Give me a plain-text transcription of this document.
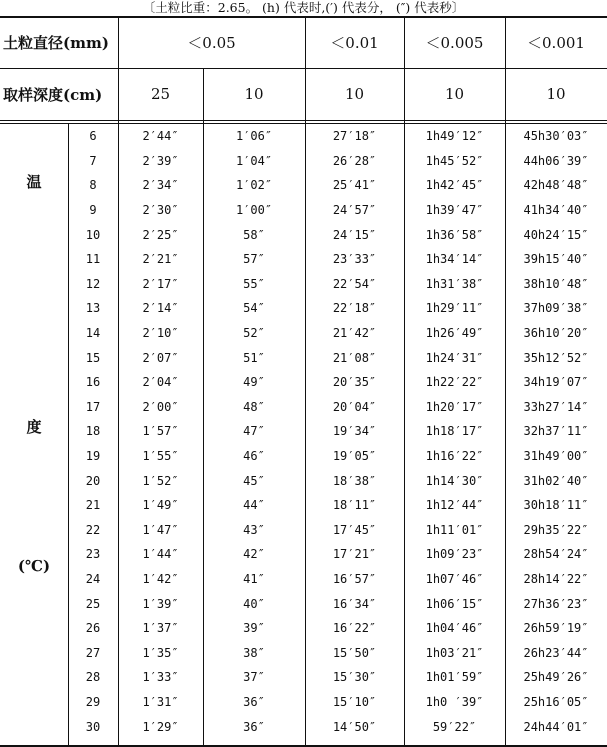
〔土粒比重：2.65。 (h) 代表时,(′) 代表分， (″) 代表秒〕
土粒直径(mm)	＜0.05	＜0.01	＜0.005	＜0.001
取样深度(cm)	25	10	10	10	10
温
度
(℃)
6	2′44″	1′06″	27′18″	1h49′12″	45h30′03″
7	2′39″	1′04″	26′28″	1h45′52″	44h06′39″
8	2′34″	1′02″	25′41″	1h42′45″	42h48′48″
9	2′30″	1′00″	24′57″	1h39′47″	41h34′40″
10	2′25″	58″	24′15″	1h36′58″	40h24′15″
11	2′21″	57″	23′33″	1h34′14″	39h15′40″
12	2′17″	55″	22′54″	1h31′38″	38h10′48″
13	2′14″	54″	22′18″	1h29′11″	37h09′38″
14	2′10″	52″	21′42″	1h26′49″	36h10′20″
15	2′07″	51″	21′08″	1h24′31″	35h12′52″
16	2′04″	49″	20′35″	1h22′22″	34h19′07″
17	2′00″	48″	20′04″	1h20′17″	33h27′14″
18	1′57″	47″	19′34″	1h18′17″	32h37′11″
19	1′55″	46″	19′05″	1h16′22″	31h49′00″
20	1′52″	45″	18′38″	1h14′30″	31h02′40″
21	1′49″	44″	18′11″	1h12′44″	30h18′11″
22	1′47″	43″	17′45″	1h11′01″	29h35′22″
23	1′44″	42″	17′21″	1h09′23″	28h54′24″
24	1′42″	41″	16′57″	1h07′46″	28h14′22″
25	1′39″	40″	16′34″	1h06′15″	27h36′23″
26	1′37″	39″	16′22″	1h04′46″	26h59′19″
27	1′35″	38″	15′50″	1h03′21″	26h23′44″
28	1′33″	37″	15′30″	1h01′59″	25h49′26″
29	1′31″	36″	15′10″	1h0 ′39″	25h16′05″
30	1′29″	36″	14′50″	59′22″	24h44′01″
